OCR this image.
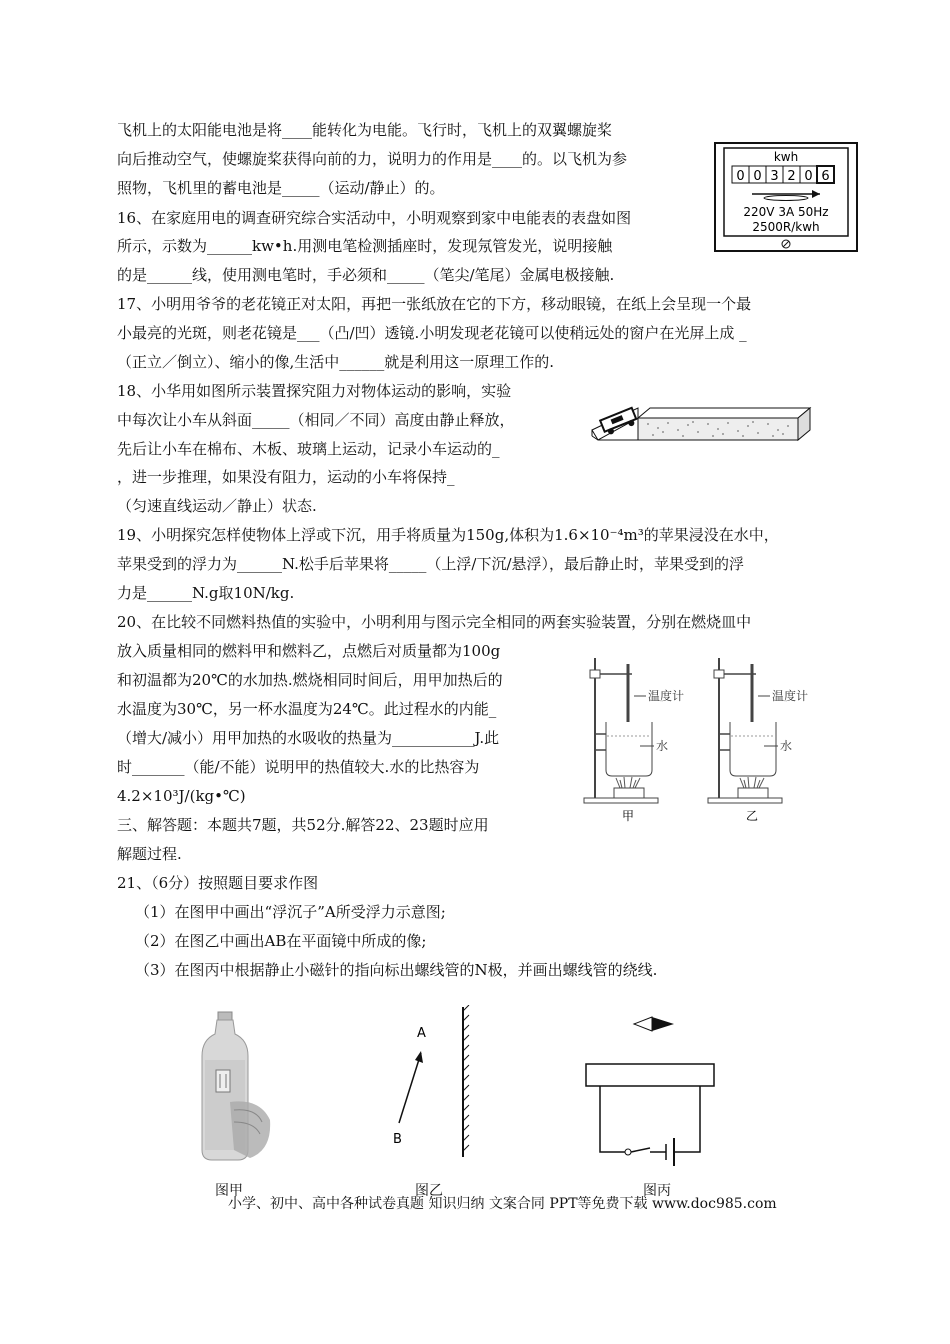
飞机上的太阳能电池是将____能转化为电能。飞行时，飞机上的双翼螺旋桨
向后推动空气，使螺旋桨获得向前的力，说明力的作用是____的。以飞机为参
照物，飞机里的蓄电池是_____（运动/静止）的。
16、在家庭用电的调查研究综合实活动中，小明观察到家中电能表的表盘如图
所示，示数为______kw•h.用测电笔检测插座时，发现氖管发光，说明接触
的是______线，使用测电笔时，手必须和_____（笔尖/笔尾）金属电极接触.
17、小明用爷爷的老花镜正对太阳，再把一张纸放在它的下方，移动眼镜，在纸上会呈现一个最
小最亮的光斑，则老花镜是___（凸/凹）透镜.小明发现老花镜可以使稍远处的窗户在光屏上成 _
（正立／倒立）、缩小的像,生活中______就是利用这一原理工作的.
18、小华用如图所示装置探究阻力对物体运动的影响，实验
中每次让小车从斜面_____（相同／不同）高度由静止释放，
先后让小车在棉布、木板、玻璃上运动，记录小车运动的_
，进一步推理，如果没有阻力，运动的小车将保持_
（匀速直线运动／静止）状态.
19、小明探究怎样使物体上浮或下沉，用手将质量为150g,体积为1.6×10⁻⁴m³的苹果浸没在水中，
苹果受到的浮力为______N.松手后苹果将_____（上浮/下沉/悬浮），最后静止时，苹果受到的浮
力是______N.g取10N/kg.
20、在比较不同燃料热值的实验中，小明利用与图示完全相同的两套实验装置，分别在燃烧皿中
放入质量相同的燃料甲和燃料乙，点燃后对质量都为100g
和初温都为20℃的水加热.燃烧相同时间后，用甲加热后的
水温度为30℃，另一杯水温度为24℃。此过程水的内能_
（增大/减小）用甲加热的水吸收的热量为___________J.此
时_______（能/不能）说明甲的热值较大.水的比热容为
4.2×10³J/(kg•℃)
三、解答题：本题共7题，共52分.解答22、23题时应用
解题过程.
21、（6分）按照题目要求作图
（1）在图甲中画出“浮沉子”A所受浮力示意图;
（2）在图乙中画出AB在平面镜中所成的像;
（3）在图丙中根据静止小磁针的指向标出螺线管的N极，并画出螺线管的绕线.
kwh
0 0 3 2 0 6
220V 3A 50Hz
2500R/kwh
温度计
水
温度计
水
甲	乙
A
B
图甲	图乙	图丙
小学、初中、高中各种试卷真题 知识归纳 文案合同 PPT等免费下载 www.doc985.com
